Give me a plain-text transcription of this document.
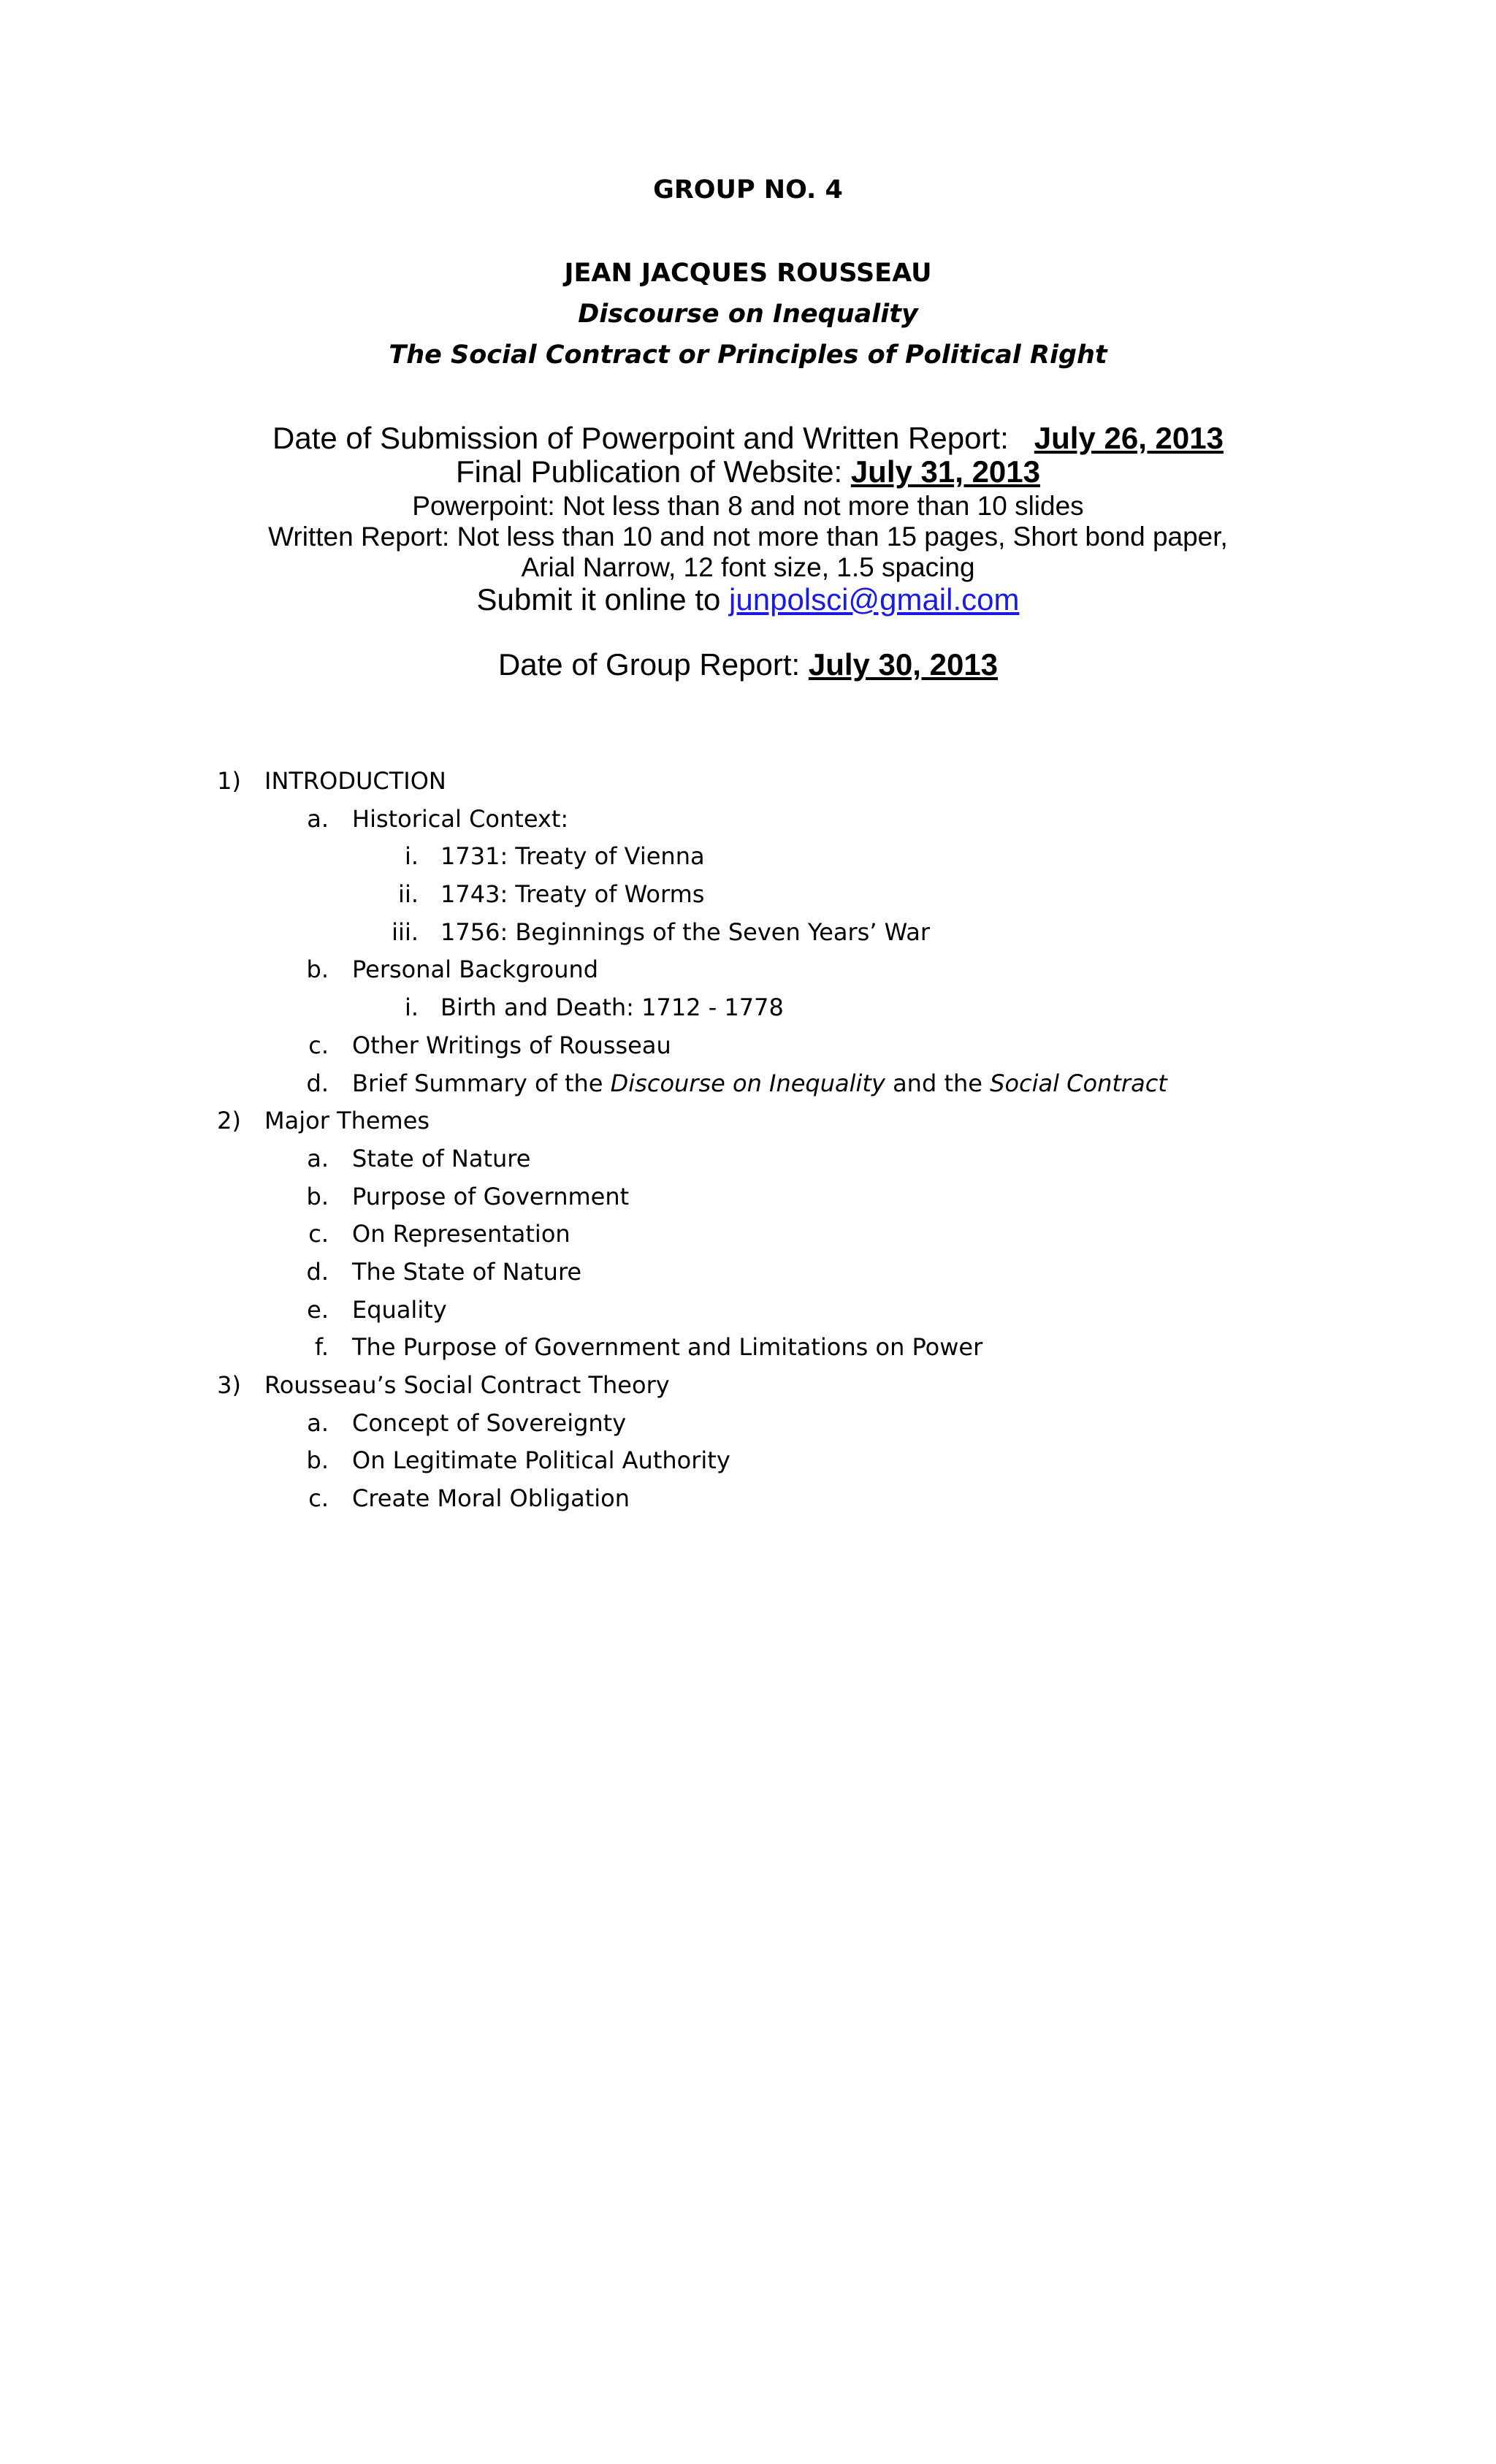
GROUP NO. 4
JEAN JACQUES ROUSSEAU
Discourse on Inequality
The Social Contract or Principles of Political Right
Date of Submission of Powerpoint and Written Report: July 26, 2013
Final Publication of Website: July 31, 2013
Powerpoint: Not less than 8 and not more than 10 slides
Written Report: Not less than 10 and not more than 15 pages, Short bond paper,
Arial Narrow, 12 font size, 1.5 spacing
Submit it online to junpolsci@gmail.com
Date of Group Report: July 30, 2013
1) INTRODUCTION
a. Historical Context:
i. 1731: Treaty of Vienna
ii. 1743: Treaty of Worms
iii. 1756: Beginnings of the Seven Years’ War
b. Personal Background
i. Birth and Death: 1712 - 1778
c. Other Writings of Rousseau
d. Brief Summary of the Discourse on Inequality and the Social Contract
2) Major Themes
a. State of Nature
b. Purpose of Government
c. On Representation
d. The State of Nature
e. Equality
f. The Purpose of Government and Limitations on Power
3) Rousseau’s Social Contract Theory
a. Concept of Sovereignty
b. On Legitimate Political Authority
c. Create Moral Obligation
